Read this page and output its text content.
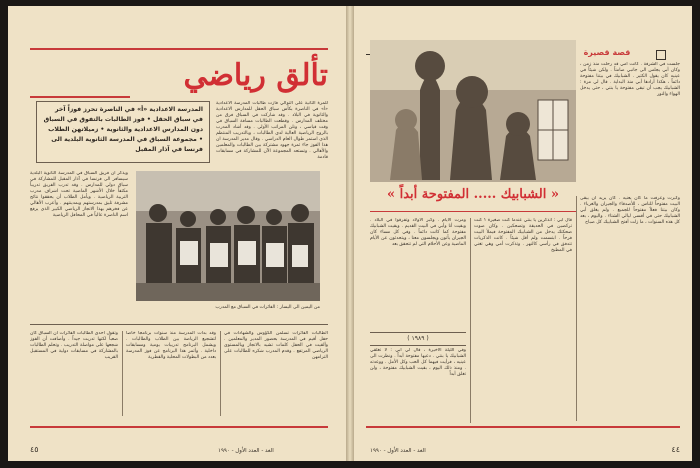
تألق رياضي
للمرة الثانية على التوالي فازت طالبات المدرسة الاعدادية «أ» في الناصرة بكأس سباق الحقل للمدارس الاعدادية والثانوية في البلاد . وقد شاركت في السباق فرق من مختلف المدارس . وقطعت الطالبات مسافة السباق في وقت قياسي ، ونلن المراتب الأولى . وقد أشاد المدرب بالروح الرياضية العالية لدى الطالبات ، وبالتدريب المنتظم الذي استمر طوال العام الدراسي . وقال مدير المدرسة ان هذا الفوز جاء ثمرة جهود مشتركة بين الطالبات والمعلمين والأهالي . وتستعد المجموعة الآن للمشاركة في مسابقات قادمة
المدرسة الاعدادية «أ» في الناصرة تحرز فوزاً آخر في سباق الحقل • فوز الطالبات بالتفوق في السباق دون المدارس الاعدادية والثانوية • زميلاتهن الطلاب • مجموعة السباق في المدرسة الثانوية البلدية الى فرنسا في آذار المقبل
من اليمين الى اليسار : الفائزات في السباق مع المدرب
ويذكر أن فريق السباق في المدرسة الثانوية البلدية سيسافر الى فرنسا في آذار المقبل للمشاركة في سباق دولي للمدارس . وقد تدرب الفريق تدريباً مكثفاً خلال الأشهر الماضية تحت اشراف مدرب التربية الرياضية . ويأمل الطلاب أن يحققوا نتائج مشرفة تليق بمدرستهم وبمدينتهم . وأعرب الأهالي عن فخرهم بهذا الانجاز الرياضي الكبير الذي يرفع اسم الناصرة عالياً في المحافل الرياضية
الطالبات الفائزات تسلمن الكؤوس والشهادات في حفل أقيم في المدرسة بحضور المدير والمعلمين . وألقيت في الحفل كلمات تشيد بالانجاز وبالمستوى الرياضي المرتفع . وقدم المدرب شكره للطالبات على التزامهن
وقد بدأت المدرسة منذ سنوات برنامجاً خاصاً لتشجيع الرياضة بين الطلاب والطالبات . ويشمل البرنامج تدريبات يومية ومسابقات داخلية . وأثمر هذا البرنامج عن فوز المدرسة بعدد من البطولات المحلية والقطرية
وتقول احدى الطالبات الفائزات ان السباق كان صعباً لكنها تدربت جيداً . وأضافت أن الفوز شجعها على مواصلة التدريب . وتحلم الطالبات بالمشاركة في مسابقات دولية في المستقبل القريب
٤٥	الغد - العدد الأول - ١٩٩٠
قصة قصيرة
جلست في الشرفة . كانت أمي قد رحلت منذ زمن ، وكان أبي يجلس الى جانبي صامتاً . ولكن شيئاً في عينيه كان يقول الكثير . الشبابيك في بيتنا مفتوحة دائماً ، هكذا أرادها أبي منذ البداية . قال لي مرة : الشبابيك يجب أن تبقى مفتوحة يا بنتي ، حتى يدخل الهواء والنور
« الشبابيك ..... المفتوحة أبداً »	وكبرت وعرفت ما كان يعنيه . كان يريد أن يبقى البيت مفتوحاً للناس ، للأصدقاء والجيران والغرباء . وكان بيتنا فعلاً مفتوحاً للجميع . ولم يغلق أبي الشبابيك حتى في أقسى ليالي الشتاء . واليوم ، بعد كل هذه السنوات ، ما زلت أفتح الشبابيك كل صباح
قال أبي : أتذكرين يا بنتي عندما كنت صغيرة ؟ كنت تركضين في الحديقة وتضحكين . وكان صوت ضحكتك يدخل من الشبابيك المفتوحة فيملأ البيت فرحاً . ابتسمت ولم أقل شيئاً . كانت الذكريات تتدفق في رأسي كالنهر . وتذكرت أمي وهي تغني في المطبخ
ومرت الأيام . وكبر الأولاد وتفرقوا في البلاد . وبقيت أنا وأبي في البيت القديم . وبقيت الشبابيك مفتوحة كما كانت دائماً . وفي كل مساء كان الجيران يأتون ويجلسون معنا ، ويتحدثون عن الأيام الماضية وعن الأحلام التي لم تتحقق بعد
( ١٩٨٩ )
وفي الليلة الأخيرة ، قال لي أبي : لا تغلقي الشبابيك يا بنتي . دعيها مفتوحة أبداً . ونظرت الى عينيه ، فرأيت فيهما كل الحب وكل الأمل . ووعدته . ومنذ ذلك اليوم ، بقيت الشبابيك مفتوحة ، ولن تغلق أبداً
٤٤
الغد - العدد الأول - ١٩٩٠
